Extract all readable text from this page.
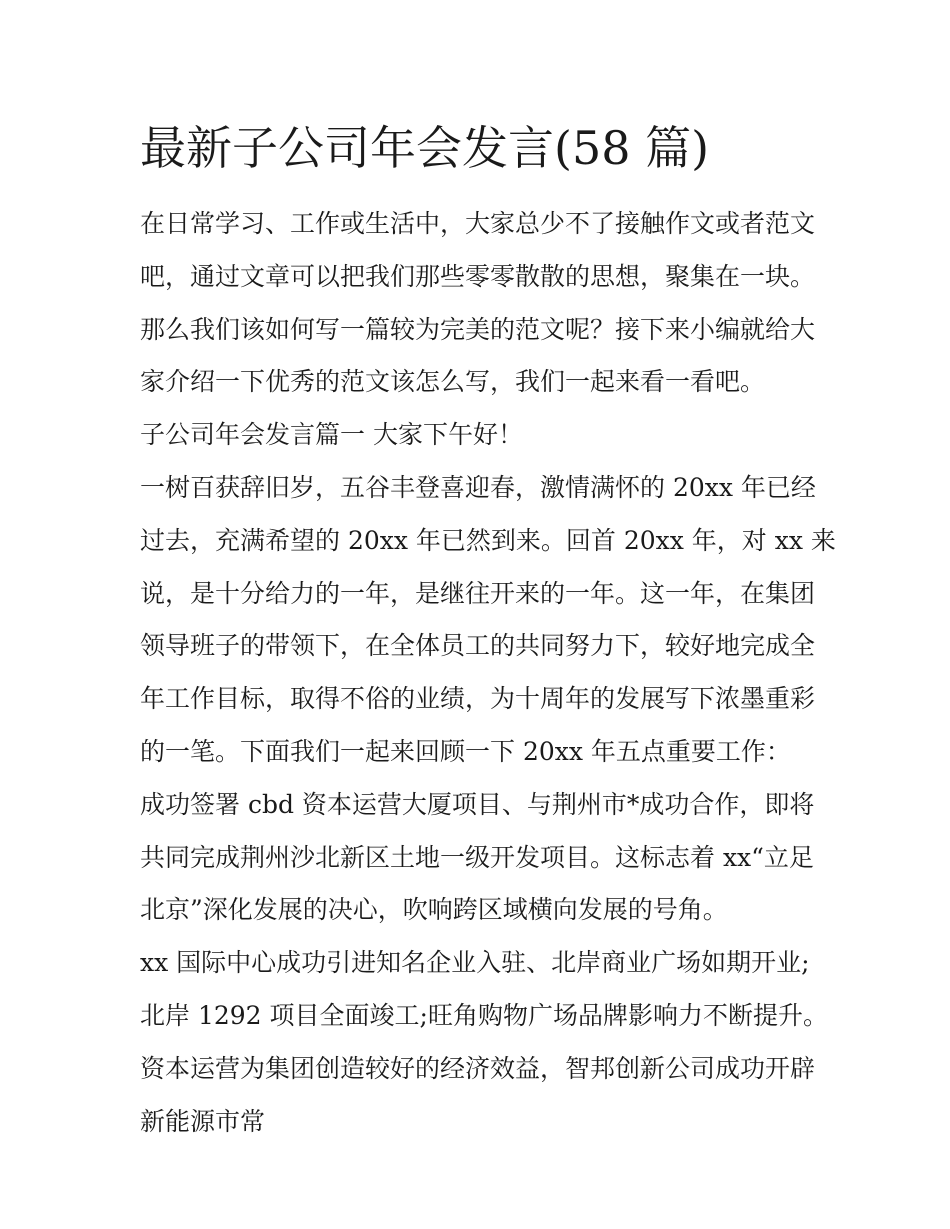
最新子公司年会发言(58 篇)
在日常学习、工作或生活中，大家总少不了接触作文或者范文
吧，通过文章可以把我们那些零零散散的思想，聚集在一块。
那么我们该如何写一篇较为完美的范文呢？接下来小编就给大
家介绍一下优秀的范文该怎么写，我们一起来看一看吧。
子公司年会发言篇一 大家下午好！
一树百获辞旧岁，五谷丰登喜迎春，激情满怀的 20xx 年已经
过去，充满希望的 20xx 年已然到来。回首 20xx 年，对 xx 来
说，是十分给力的一年，是继往开来的一年。这一年，在集团
领导班子的带领下，在全体员工的共同努力下，较好地完成全
年工作目标，取得不俗的业绩，为十周年的发展写下浓墨重彩
的一笔。下面我们一起来回顾一下 20xx 年五点重要工作：
成功签署 cbd 资本运营大厦项目、与荆州市*成功合作，即将
共同完成荆州沙北新区土地一级开发项目。这标志着 xx“立足
北京”深化发展的决心，吹响跨区域横向发展的号角。
xx 国际中心成功引进知名企业入驻、北岸商业广场如期开业;
北岸 1292 项目全面竣工;旺角购物广场品牌影响力不断提升。
资本运营为集团创造较好的经济效益，智邦创新公司成功开辟
新能源市常
